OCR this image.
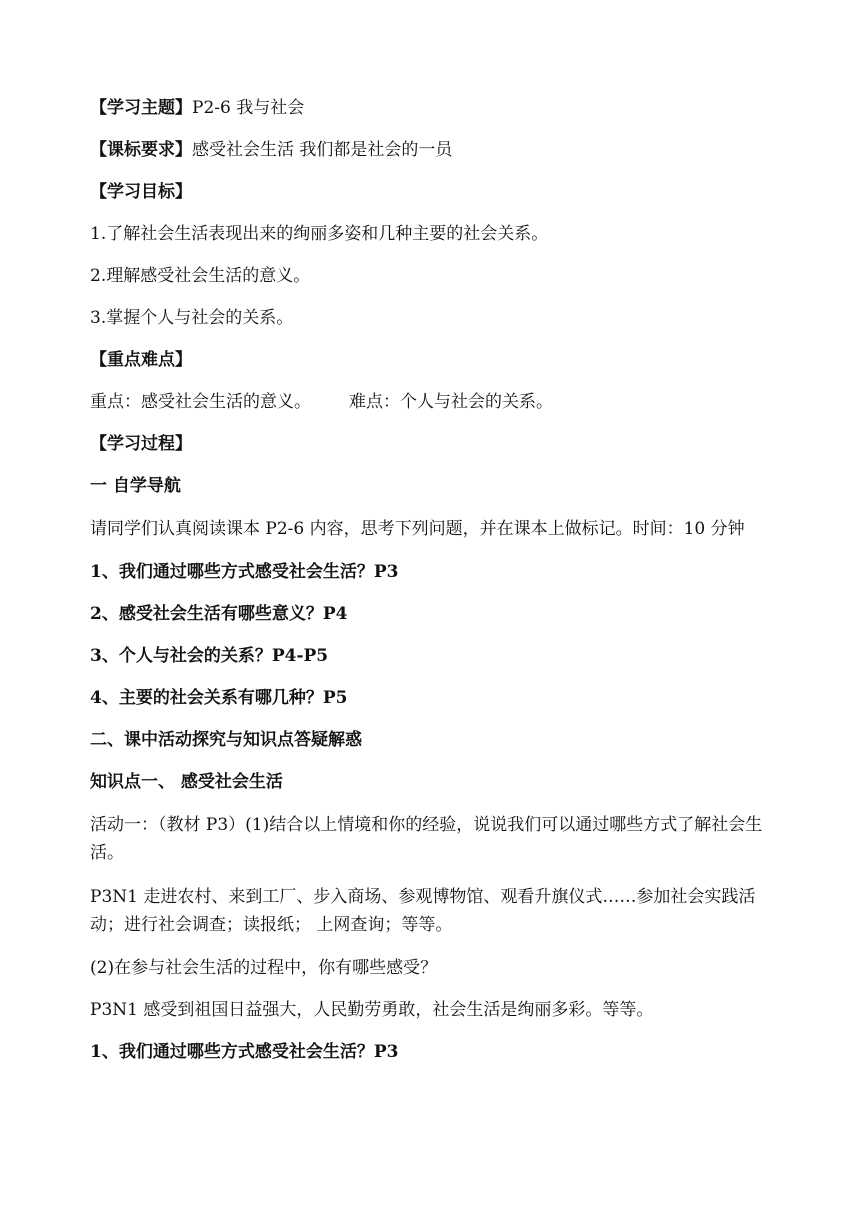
【学习主题】P2-6 我与社会

【课标要求】感受社会生活 我们都是社会的一员

【学习目标】

1.了解社会生活表现出来的绚丽多姿和几种主要的社会关系。

2.理解感受社会生活的意义。

3.掌握个人与社会的关系。

【重点难点】

重点：感受社会生活的意义。 难点：个人与社会的关系。

【学习过程】

一 自学导航

请同学们认真阅读课本 P2-6 内容，思考下列问题，并在课本上做标记。时间：10 分钟

1、我们通过哪些方式感受社会生活？P3

2、感受社会生活有哪些意义？P4

3、个人与社会的关系？P4-P5

4、主要的社会关系有哪几种？P5

二、课中活动探究与知识点答疑解惑

知识点一、 感受社会生活

活动一：（教材 P3）(1)结合以上情境和你的经验，说说我们可以通过哪些方式了解社会生活。

P3N1 走进农村、来到工厂、步入商场、参观博物馆、观看升旗仪式……参加社会实践活动；进行社会调查；读报纸； 上网查询；等等。

(2)在参与社会生活的过程中，你有哪些感受？

P3N1 感受到祖国日益强大，人民勤劳勇敢，社会生活是绚丽多彩。等等。

1、我们通过哪些方式感受社会生活？P3
